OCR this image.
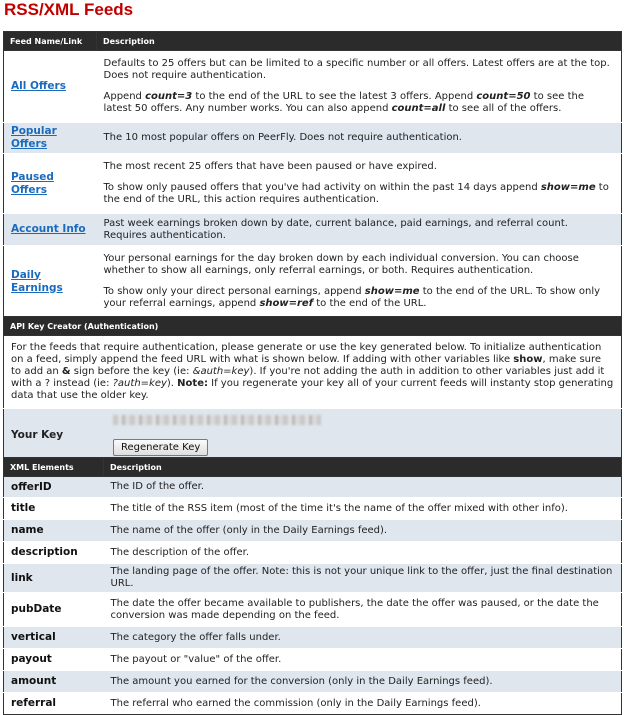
RSS/XML Feeds
Feed Name/Link	Description
All Offers	Defaults to 25 offers but can be limited to a specific number or all offers. Latest offers are at the top. Does not require authentication.

Append count=3 to the end of the URL to see the latest 3 offers. Append count=50 to see the latest 50 offers. Any number works. You can also append count=all to see all of the offers.

Popular Offers	The 10 most popular offers on PeerFly. Does not require authentication.

Paused Offers	The most recent 25 offers that have been paused or have expired.

To show only paused offers that you've had activity on within the past 14 days append show=me to the end of the URL, this action requires authentication.

Account Info	Past week earnings broken down by date, current balance, paid earnings, and referral count. Requires authentication.

Daily Earnings	Your personal earnings for the day broken down by each individual conversion. You can choose whether to show all earnings, only referral earnings, or both. Requires authentication.

To show only your direct personal earnings, append show=me to the end of the URL. To show only your referral earnings, append show=ref to the end of the URL.

API Key Creator (Authentication)
For the feeds that require authentication, please generate or use the key generated below. To initialize authentication on a feed, simply append the feed URL with what is shown below. If adding with other variables like show, make sure to add an & sign before the key (ie: &auth=key). If you're not adding the auth in addition to other variables just add it with a ? instead (ie: ?auth=key). Note: If you regenerate your key all of your current feeds will instanty stop generating data that use the older key.
Your Key	
Regenerate Key
XML Elements	Description
offerID	The ID of the offer.
title	The title of the RSS item (most of the time it's the name of the offer mixed with other info).
name	The name of the offer (only in the Daily Earnings feed).
description	The description of the offer.
link	The landing page of the offer. Note: this is not your unique link to the offer, just the final destination URL.
pubDate	The date the offer became available to publishers, the date the offer was paused, or the date the conversion was made depending on the feed.
vertical	The category the offer falls under.
payout	The payout or "value" of the offer.
amount	The amount you earned for the conversion (only in the Daily Earnings feed).
referral	The referral who earned the commission (only in the Daily Earnings feed).
